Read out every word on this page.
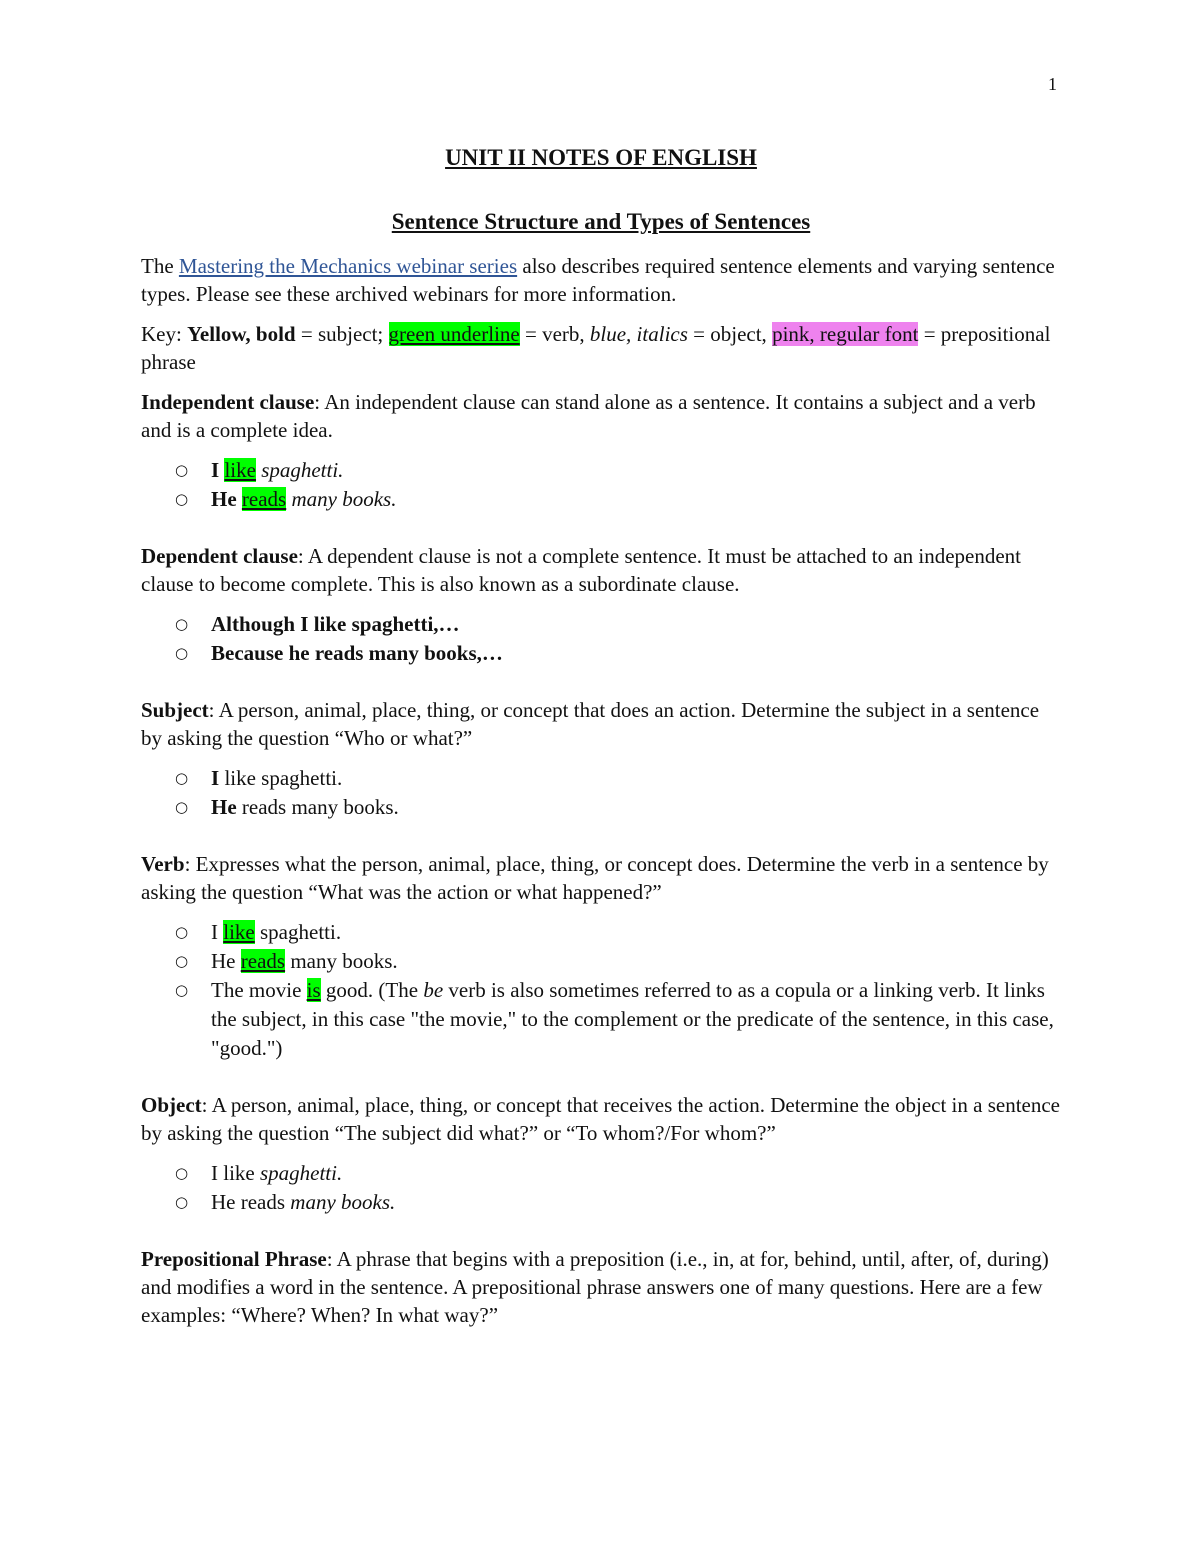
1
UNIT II NOTES OF ENGLISH
Sentence Structure and Types of Sentences

The Mastering the Mechanics webinar series also describes required sentence elements and varying sentence types. Please see these archived webinars for more information.

Key: Yellow, bold = subject; green underline = verb, blue, italics = object, pink, regular font = prepositional phrase

Independent clause: An independent clause can stand alone as a sentence. It contains a subject and a verb and is a complete idea.

○ I like spaghetti.
○ He reads many books.

Dependent clause: A dependent clause is not a complete sentence. It must be attached to an independent clause to become complete. This is also known as a subordinate clause.

○ Although I like spaghetti,…
○ Because he reads many books,…

Subject: A person, animal, place, thing, or concept that does an action. Determine the subject in a sentence by asking the question “Who or what?”

○ I like spaghetti.
○ He reads many books.

Verb: Expresses what the person, animal, place, thing, or concept does. Determine the verb in a sentence by asking the question “What was the action or what happened?”

○ I like spaghetti.
○ He reads many books.
○ The movie is good. (The be verb is also sometimes referred to as a copula or a linking verb. It links the subject, in this case "the movie," to the complement or the predicate of the sentence, in this case, "good.")

Object: A person, animal, place, thing, or concept that receives the action. Determine the object in a sentence by asking the question “The subject did what?” or “To whom?/For whom?”

○ I like spaghetti.
○ He reads many books.

Prepositional Phrase: A phrase that begins with a preposition (i.e., in, at for, behind, until, after, of, during) and modifies a word in the sentence. A prepositional phrase answers one of many questions. Here are a few examples: “Where? When? In what way?”
